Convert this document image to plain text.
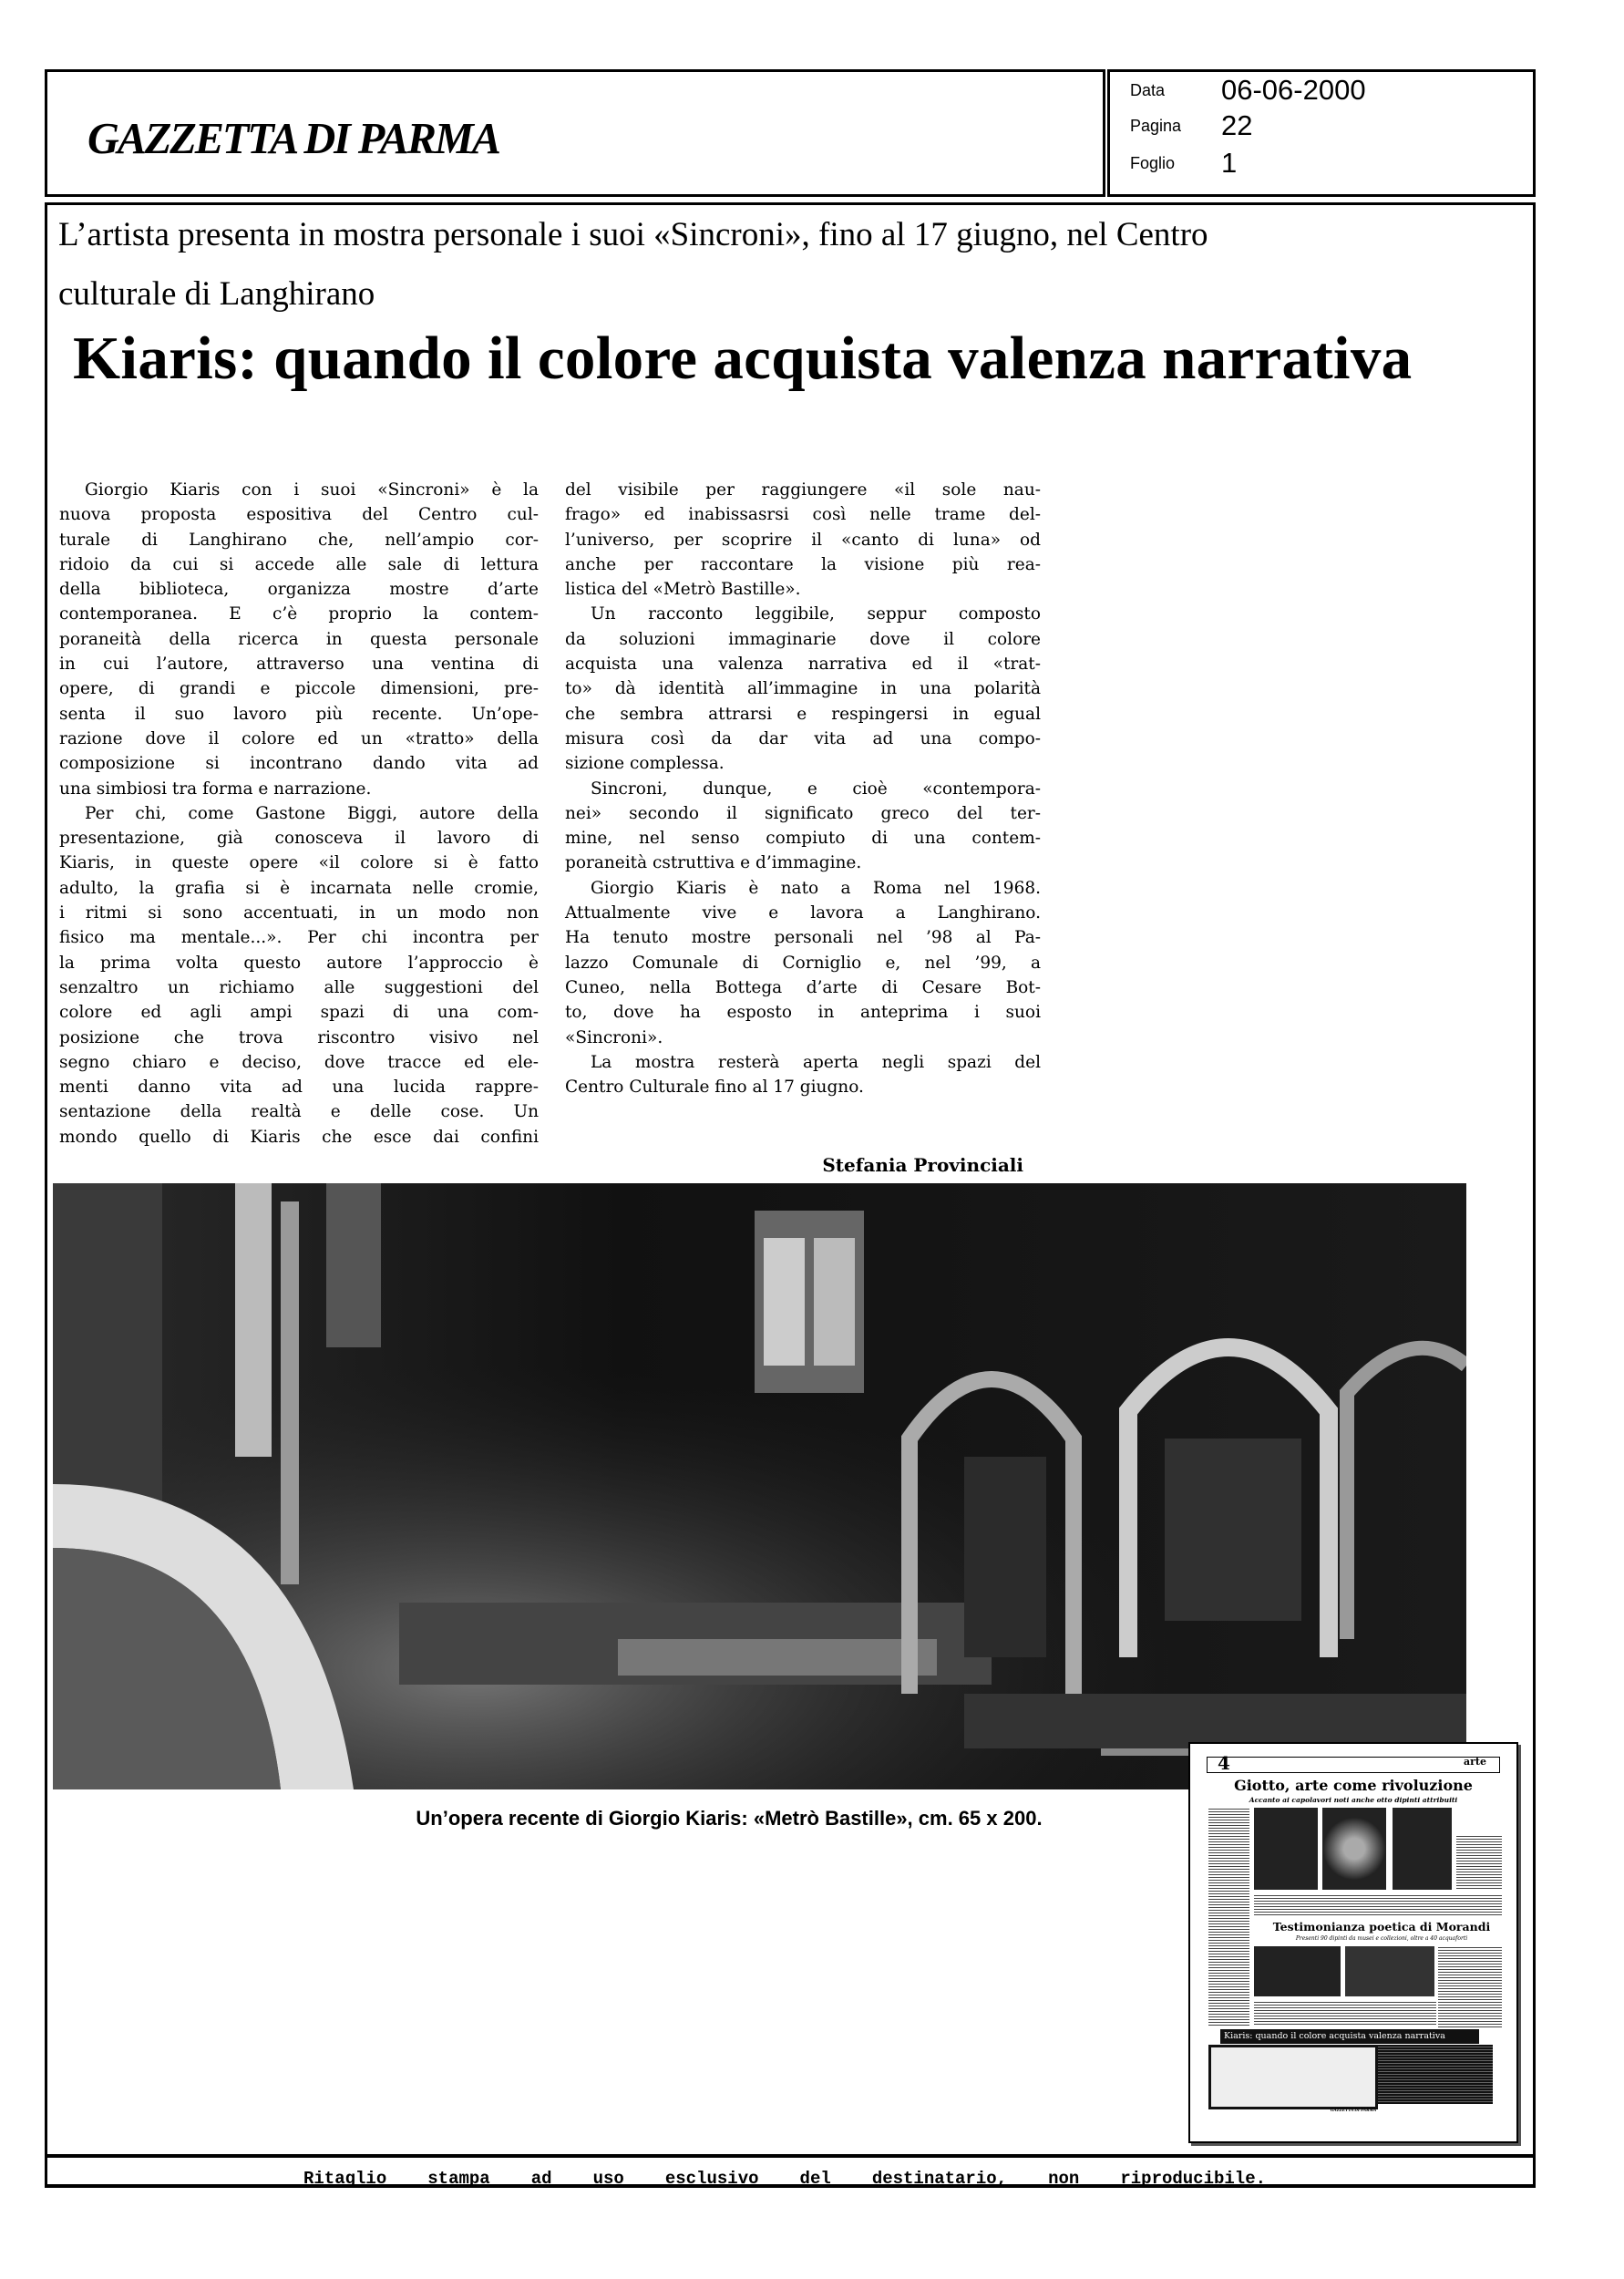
GAZZETTA DI PARMA
Data 06-06-2000
Pagina 22
Foglio 1
L’artista presenta in mostra personale i suoi «Sincroni», fino al 17 giugno, nel Centro
culturale di Langhirano
Kiaris: quando il colore acquista valenza narrativa
Giorgio Kiaris con i suoi «Sincroni» è la
nuova proposta espositiva del Centro cul-
turale di Langhirano che, nell’ampio cor-
ridoio da cui si accede alle sale di lettura
della biblioteca, organizza mostre d’arte
contemporanea. E c’è proprio la contem-
poraneità della ricerca in questa personale
in cui l’autore, attraverso una ventina di
opere, di grandi e piccole dimensioni, pre-
senta il suo lavoro più recente. Un’ope-
razione dove il colore ed un «tratto» della
composizione si incontrano dando vita ad
una simbiosi tra forma e narrazione.
Per chi, come Gastone Biggi, autore della
presentazione, già conosceva il lavoro di
Kiaris, in queste opere «il colore si è fatto
adulto, la grafia si è incarnata nelle cromie,
i ritmi si sono accentuati, in un modo non
fisico ma mentale...». Per chi incontra per
la prima volta questo autore l’approccio è
senzaltro un richiamo alle suggestioni del
colore ed agli ampi spazi di una com-
posizione che trova riscontro visivo nel
segno chiaro e deciso, dove tracce ed ele-
menti danno vita ad una lucida rappre-
sentazione della realtà e delle cose. Un
mondo quello di Kiaris che esce dai confini
del visibile per raggiungere «il sole nau-
frago» ed inabissasrsi così nelle trame del-
l’universo, per scoprire il «canto di luna» od
anche per raccontare la visione più rea-
listica del «Metrò Bastille».
Un racconto leggibile, seppur composto
da soluzioni immaginarie dove il colore
acquista una valenza narrativa ed il «trat-
to» dà identità all’immagine in una polarità
che sembra attrarsi e respingersi in egual
misura così da dar vita ad una compo-
sizione complessa.
Sincroni, dunque, e cioè «contempora-
nei» secondo il significato greco del ter-
mine, nel senso compiuto di una contem-
poraneità cstruttiva e d’immagine.
Giorgio Kiaris è nato a Roma nel 1968.
Attualmente vive e lavora a Langhirano.
Ha tenuto mostre personali nel ’98 al Pa-
lazzo Comunale di Corniglio e, nel ’99, a
Cuneo, nella Bottega d’arte di Cesare Bot-
to, dove ha esposto in anteprima i suoi
«Sincroni».
La mostra resterà aperta negli spazi del
Centro Culturale fino al 17 giugno.
Stefania Provinciali
Un’opera recente di Giorgio Kiaris: «Metrò Bastille», cm. 65 x 200.
4	arte
Giotto, arte come rivoluzione
Accanto ai capolavori noti anche otto dipinti attribuiti
Testimonianza poetica di Morandi
Presenti 90 dipinti da musei e collezioni, oltre a 40 acquaforti
Kiaris: quando il colore acquista valenza narrativa
GAZZETTA DI PARMA
Ritaglio stampa ad uso esclusivo del destinatario, non riproducibile.
